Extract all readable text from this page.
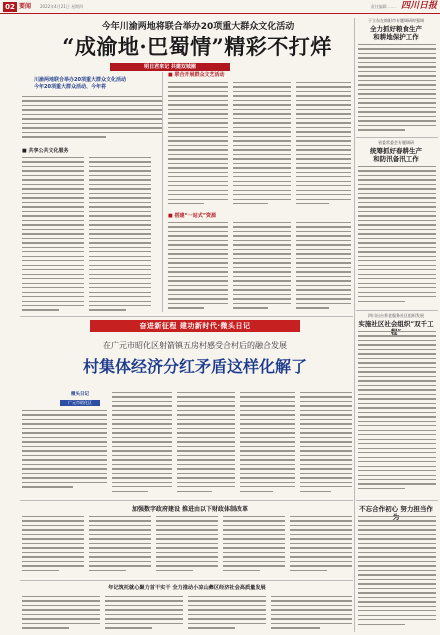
02 要闻 2022年4月21日 星期四	责任编辑 …… 四川日报
今年川渝两地将联合举办20项重大群众文化活动
“成渝地·巴蜀情”精彩不打烊
明日君来记 共建双城圈
川渝两地联合举办20项重大群众文化活动
今年20项重大群众活动、今年将
■ 共享公共文化服务
■ 联合开展群众文艺活动
■ 搭建“一站式”资源
奋进新征程 建功新时代·微头日记
在广元市昭化区射箭镇五房村感受合村后的融合发展
村集体经济分红矛盾这样化解了
微头日记
广元市昭化区
加强数字政府建设 推进由以下财政体制改革
年记筑托就心聚力首干实干 全力推动小凉山彝区经济社会高质量发展
于立东在绵阳市专题调研时强调
全力抓好粮食生产
和耕地保护工作
省委常委会专题调研
统筹抓好春耕生产
和防汛备汛工作
四川出台养老服务社区组织发展
实施社区社会组织“双千工
不忘合作初心 努力担当作
